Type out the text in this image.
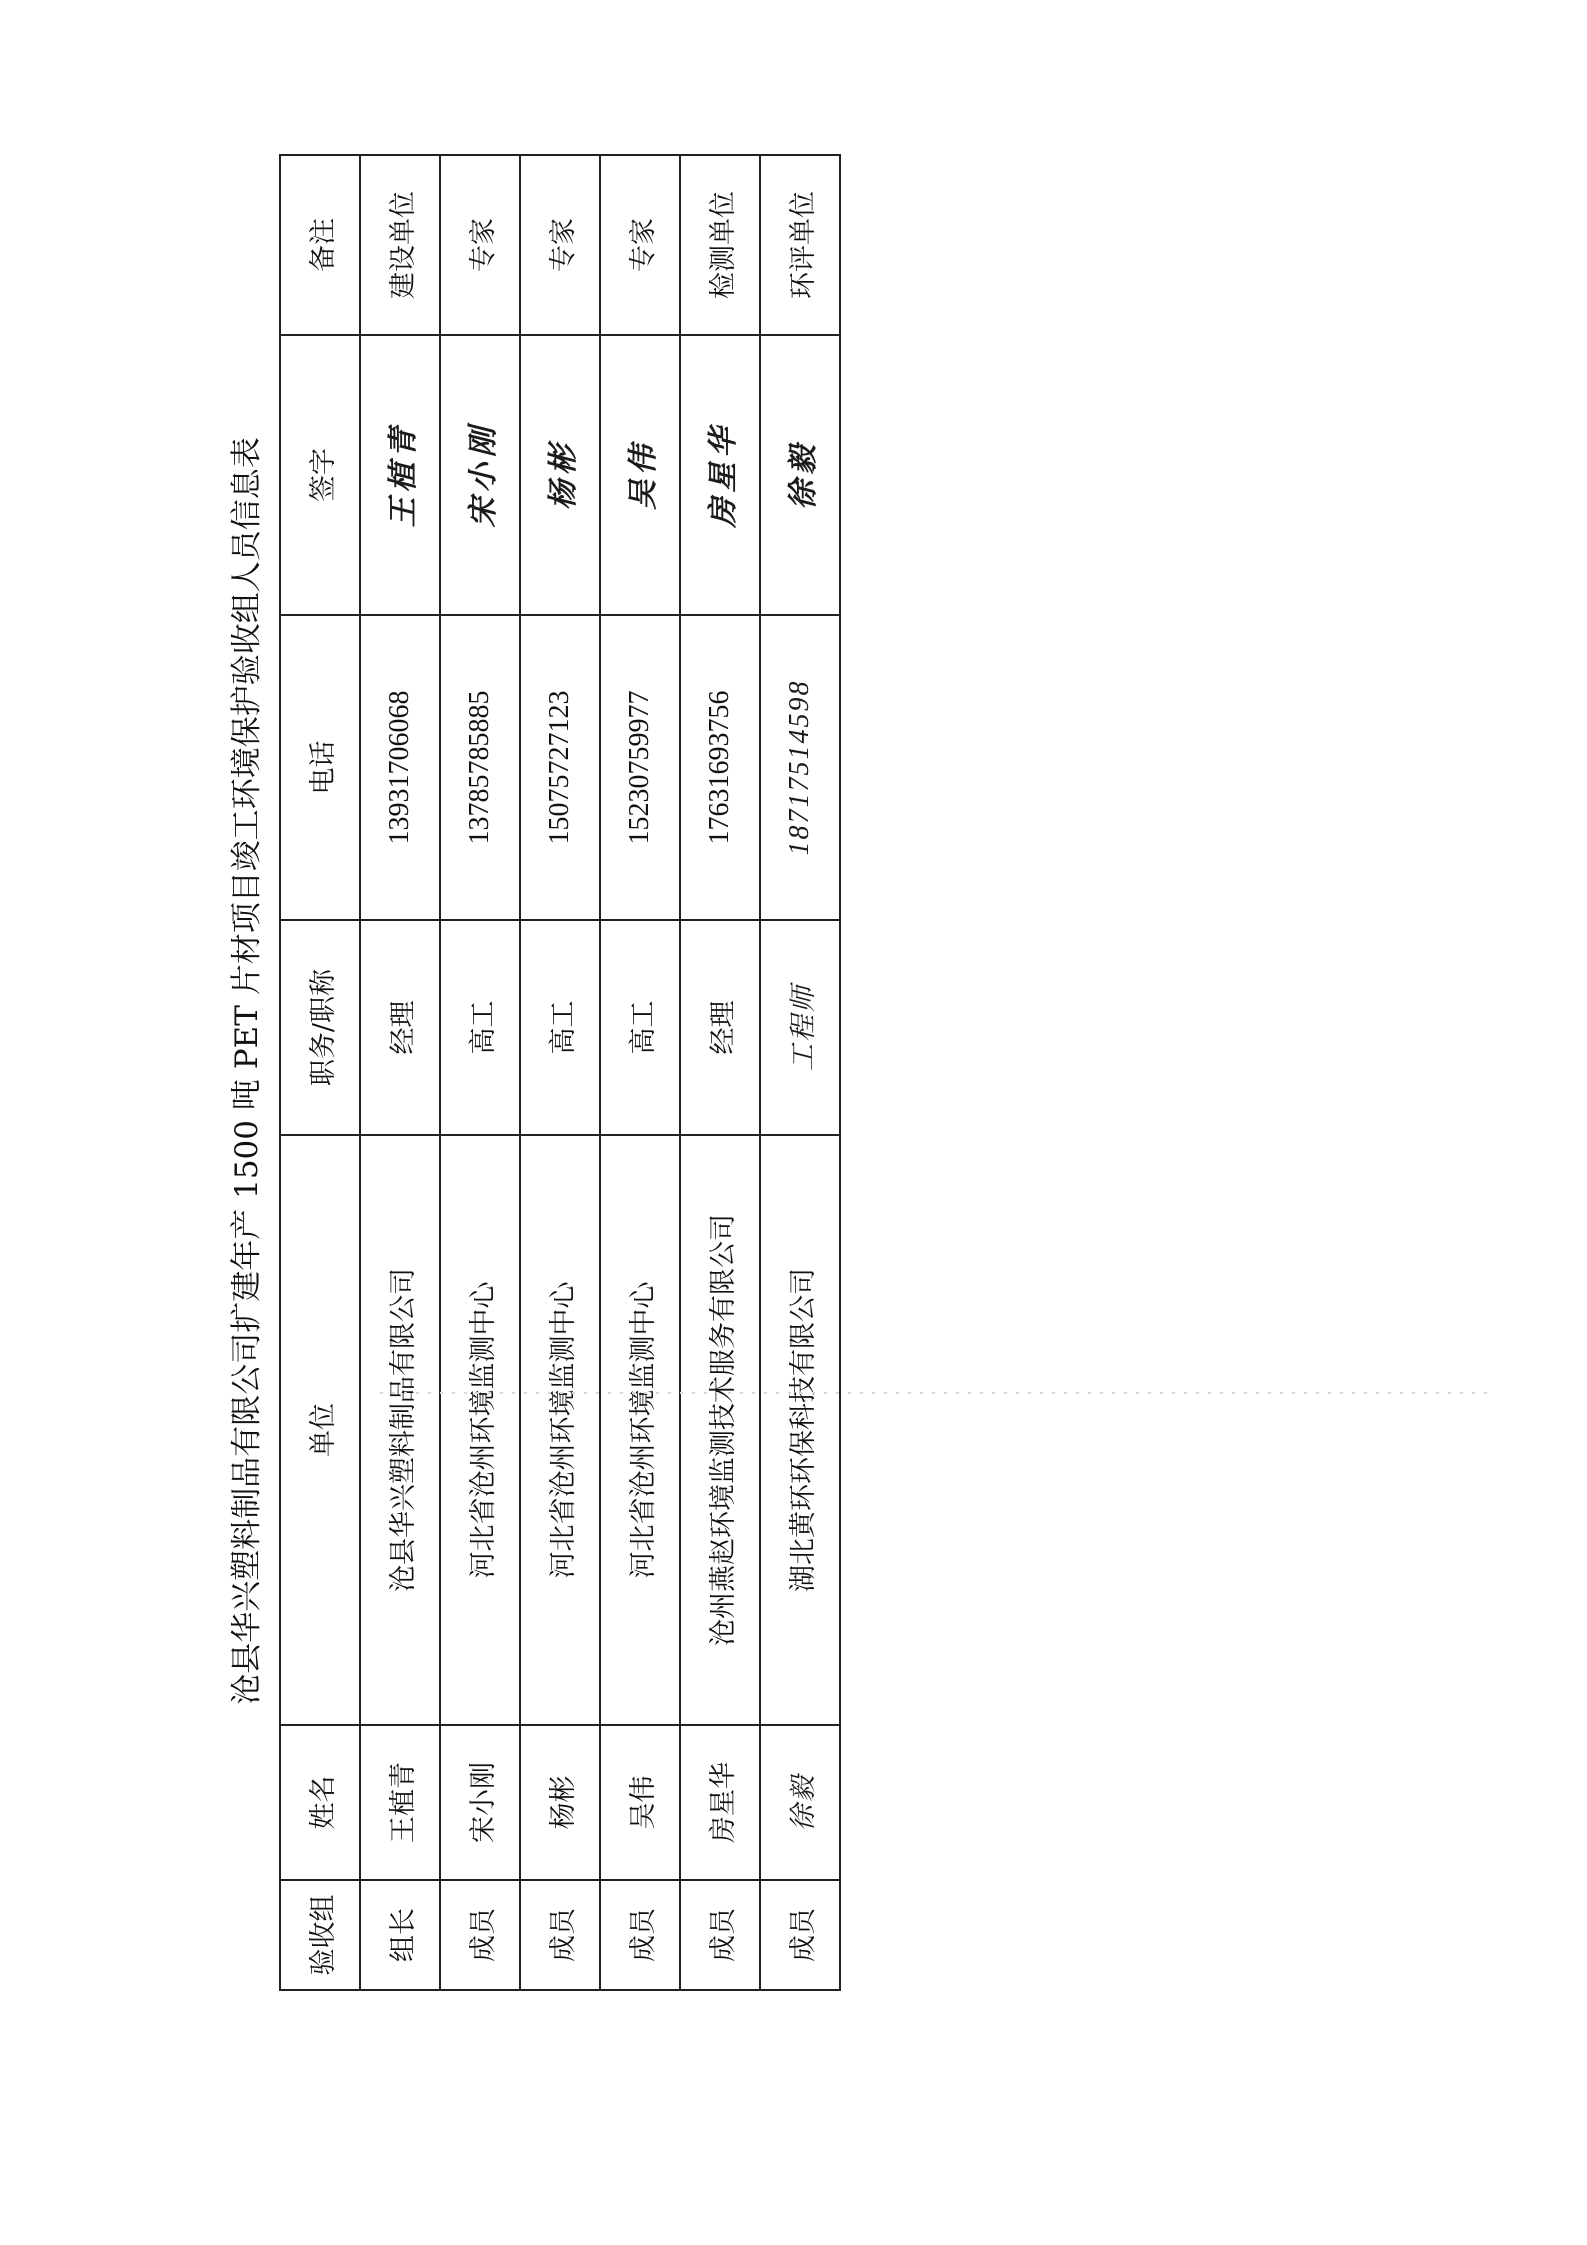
沧县华兴塑料制品有限公司扩建年产 1500 吨 PET 片材项目竣工环境保护验收组人员信息表
验收组	姓名	单位	职务/职称	电话	签字	备注
组长	王植青	沧县华兴塑料制品有限公司	经理	13931706068	王植青	建设单位
成员	宋小刚	河北省沧州环境监测中心	高工	13785785885	宋小刚	专家
成员	杨彬	河北省沧州环境监测中心	高工	15075727123	杨彬	专家
成员	吴伟	河北省沧州环境监测中心	高工	15230759977	吴伟	专家
成员	房星华	沧州燕赵环境监测技术服务有限公司	经理	17631693756	房星华	检测单位
成员	徐毅	湖北黄环环保科技有限公司	工程师	18717514598	徐毅	环评单位
